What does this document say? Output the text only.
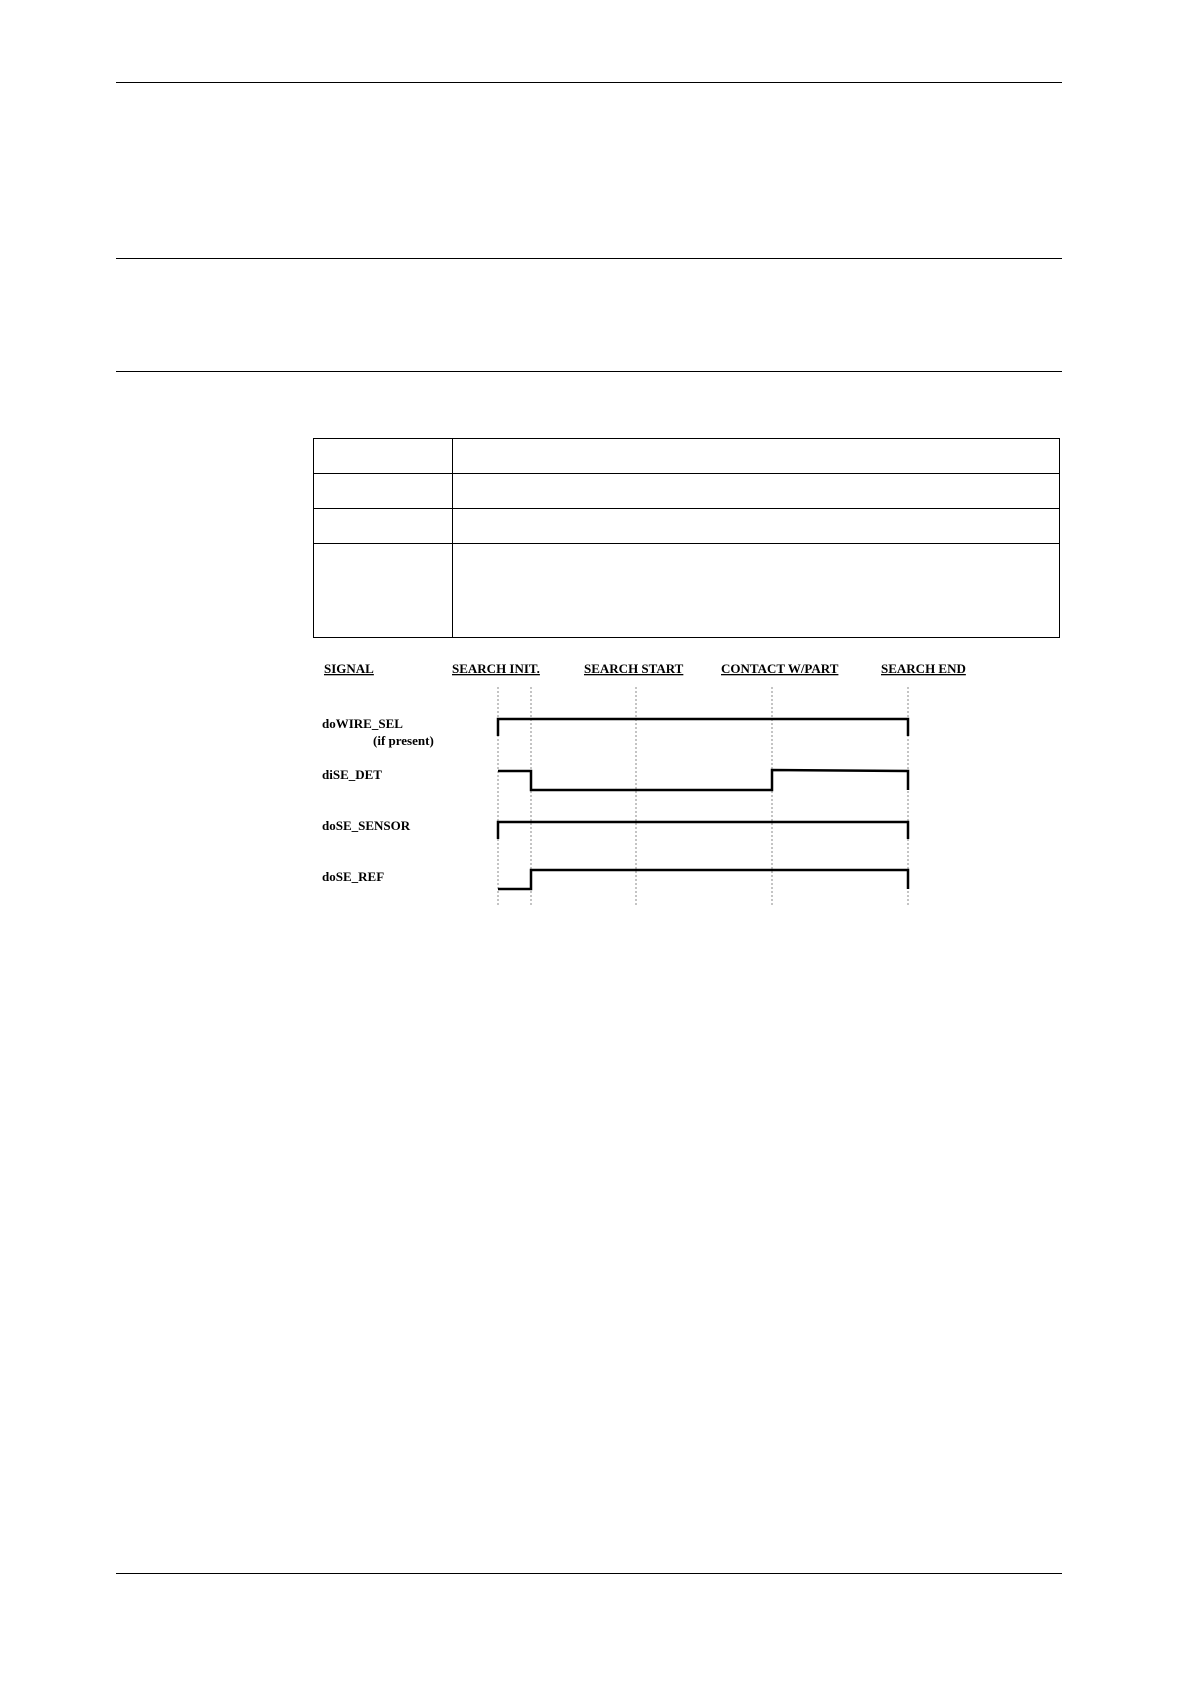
SIGNAL	SEARCH INIT.	SEARCH START	CONTACT W/PART	SEARCH END
doWIRE_SEL
(if present)
diSE_DET
doSE_SENSOR
doSE_REF
